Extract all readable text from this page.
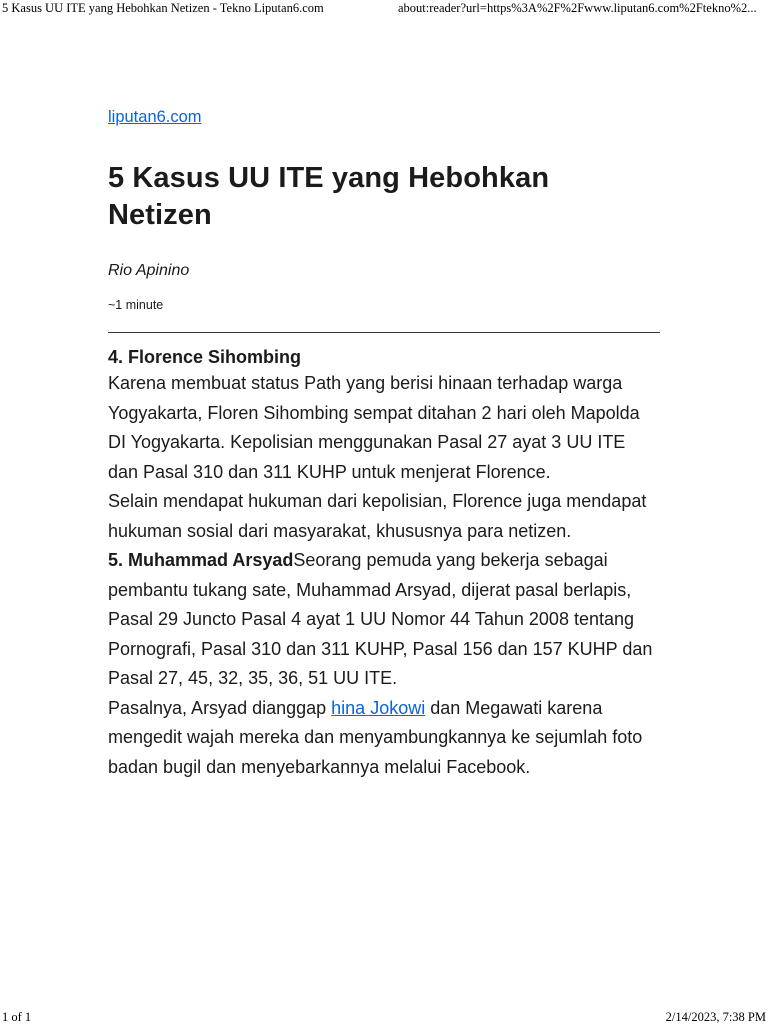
5 Kasus UU ITE yang Hebohkan Netizen - Tekno Liputan6.com	about:reader?url=https%3A%2F%2Fwww.liputan6.com%2Ftekno%2...
liputan6.com
5 Kasus UU ITE yang Hebohkan Netizen
Rio Apinino
~1 minute
4. Florence Sihombing

Karena membuat status Path yang berisi hinaan terhadap warga Yogyakarta, Floren Sihombing sempat ditahan 2 hari oleh Mapolda DI Yogyakarta. Kepolisian menggunakan Pasal 27 ayat 3 UU ITE dan Pasal 310 dan 311 KUHP untuk menjerat Florence.

Selain mendapat hukuman dari kepolisian, Florence juga mendapat hukuman sosial dari masyarakat, khususnya para netizen.

5. Muhammad ArsyadSeorang pemuda yang bekerja sebagai pembantu tukang sate, Muhammad Arsyad, dijerat pasal berlapis, Pasal 29 Juncto Pasal 4 ayat 1 UU Nomor 44 Tahun 2008 tentang Pornografi, Pasal 310 dan 311 KUHP, Pasal 156 dan 157 KUHP dan Pasal 27, 45, 32, 35, 36, 51 UU ITE.

Pasalnya, Arsyad dianggap hina Jokowi dan Megawati karena mengedit wajah mereka dan menyambungkannya ke sejumlah foto badan bugil dan menyebarkannya melalui Facebook.

1 of 1	2/14/2023, 7:38 PM
